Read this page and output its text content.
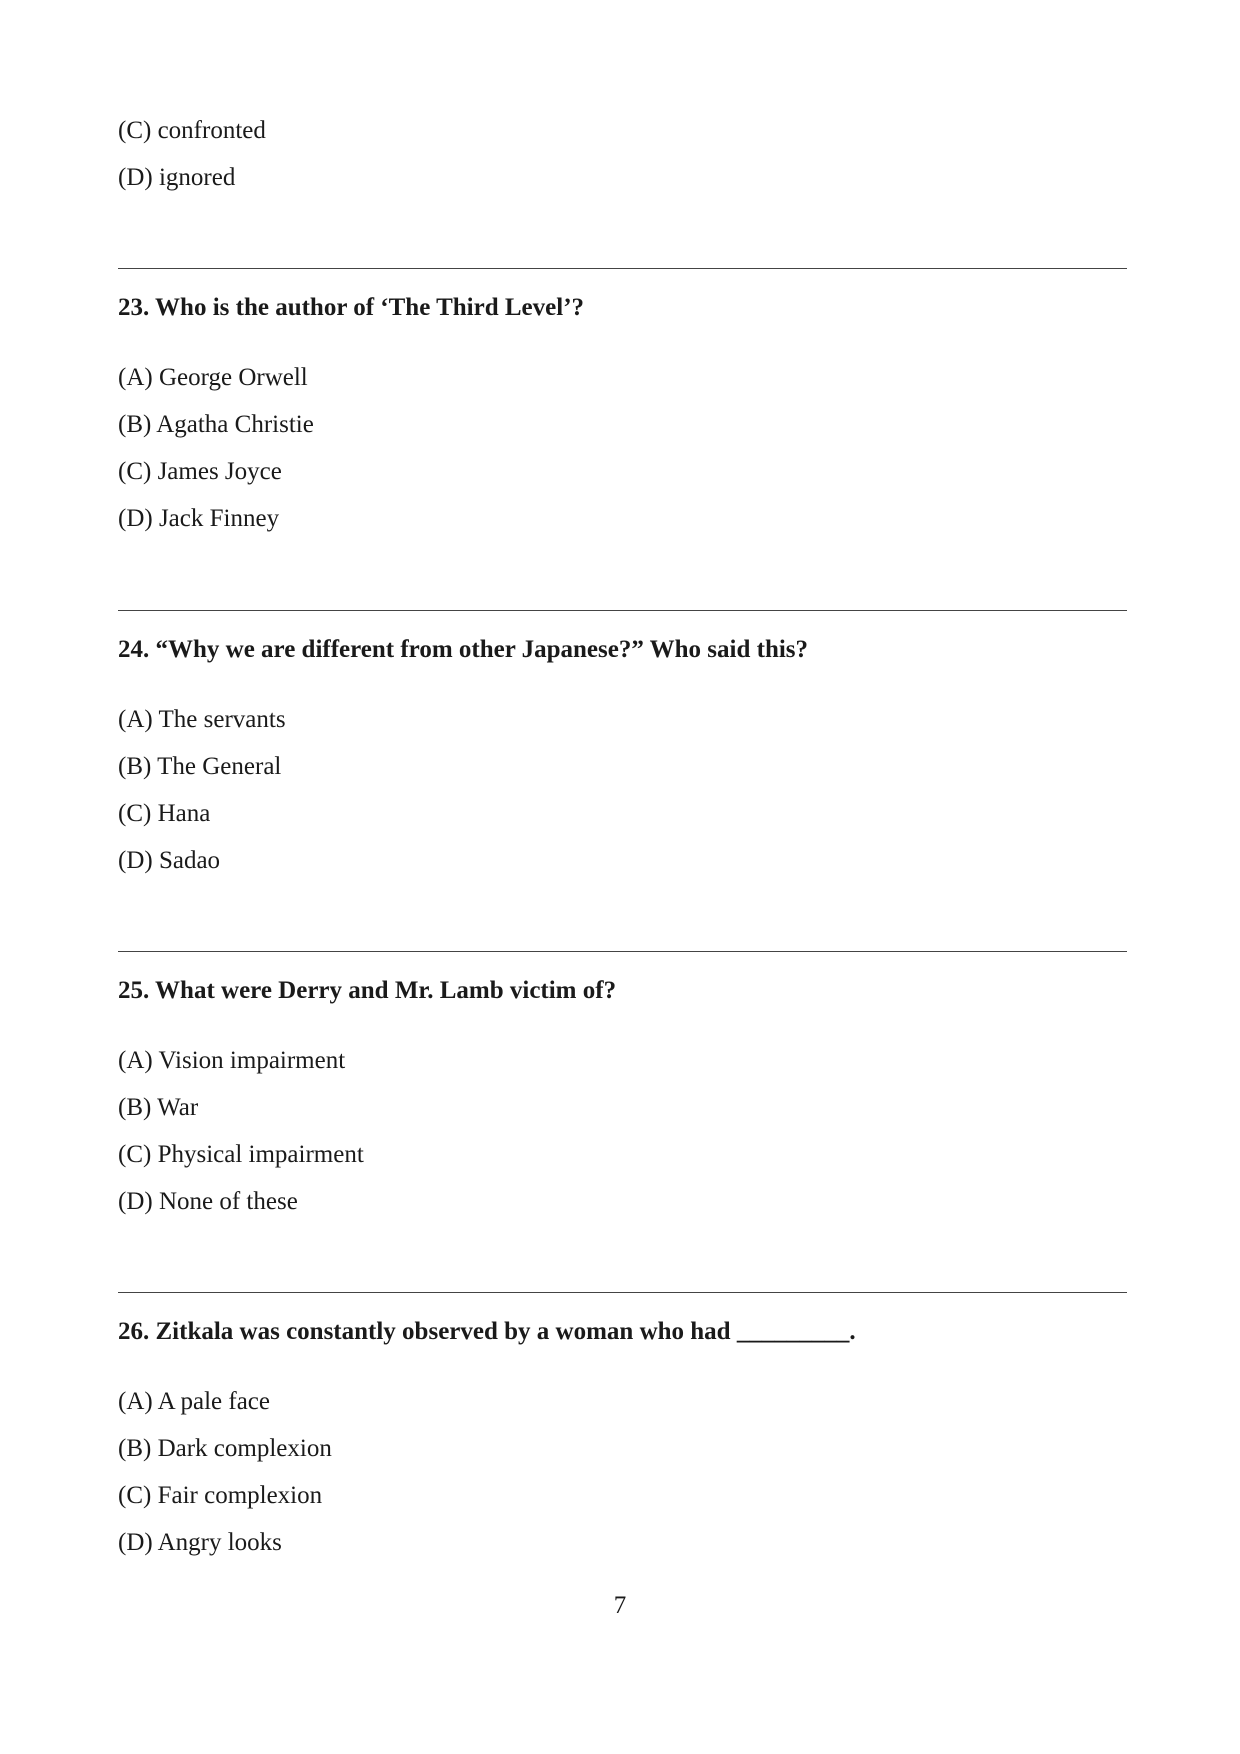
(C) confronted
(D) ignored
23. Who is the author of ‘The Third Level’?
(A) George Orwell
(B) Agatha Christie
(C) James Joyce
(D) Jack Finney
24. “Why we are different from other Japanese?” Who said this?
(A) The servants
(B) The General
(C) Hana
(D) Sadao
25. What were Derry and Mr. Lamb victim of?
(A) Vision impairment
(B) War
(C) Physical impairment
(D) None of these
26. Zitkala was constantly observed by a woman who had _________.
(A) A pale face
(B) Dark complexion
(C) Fair complexion
(D) Angry looks
7
